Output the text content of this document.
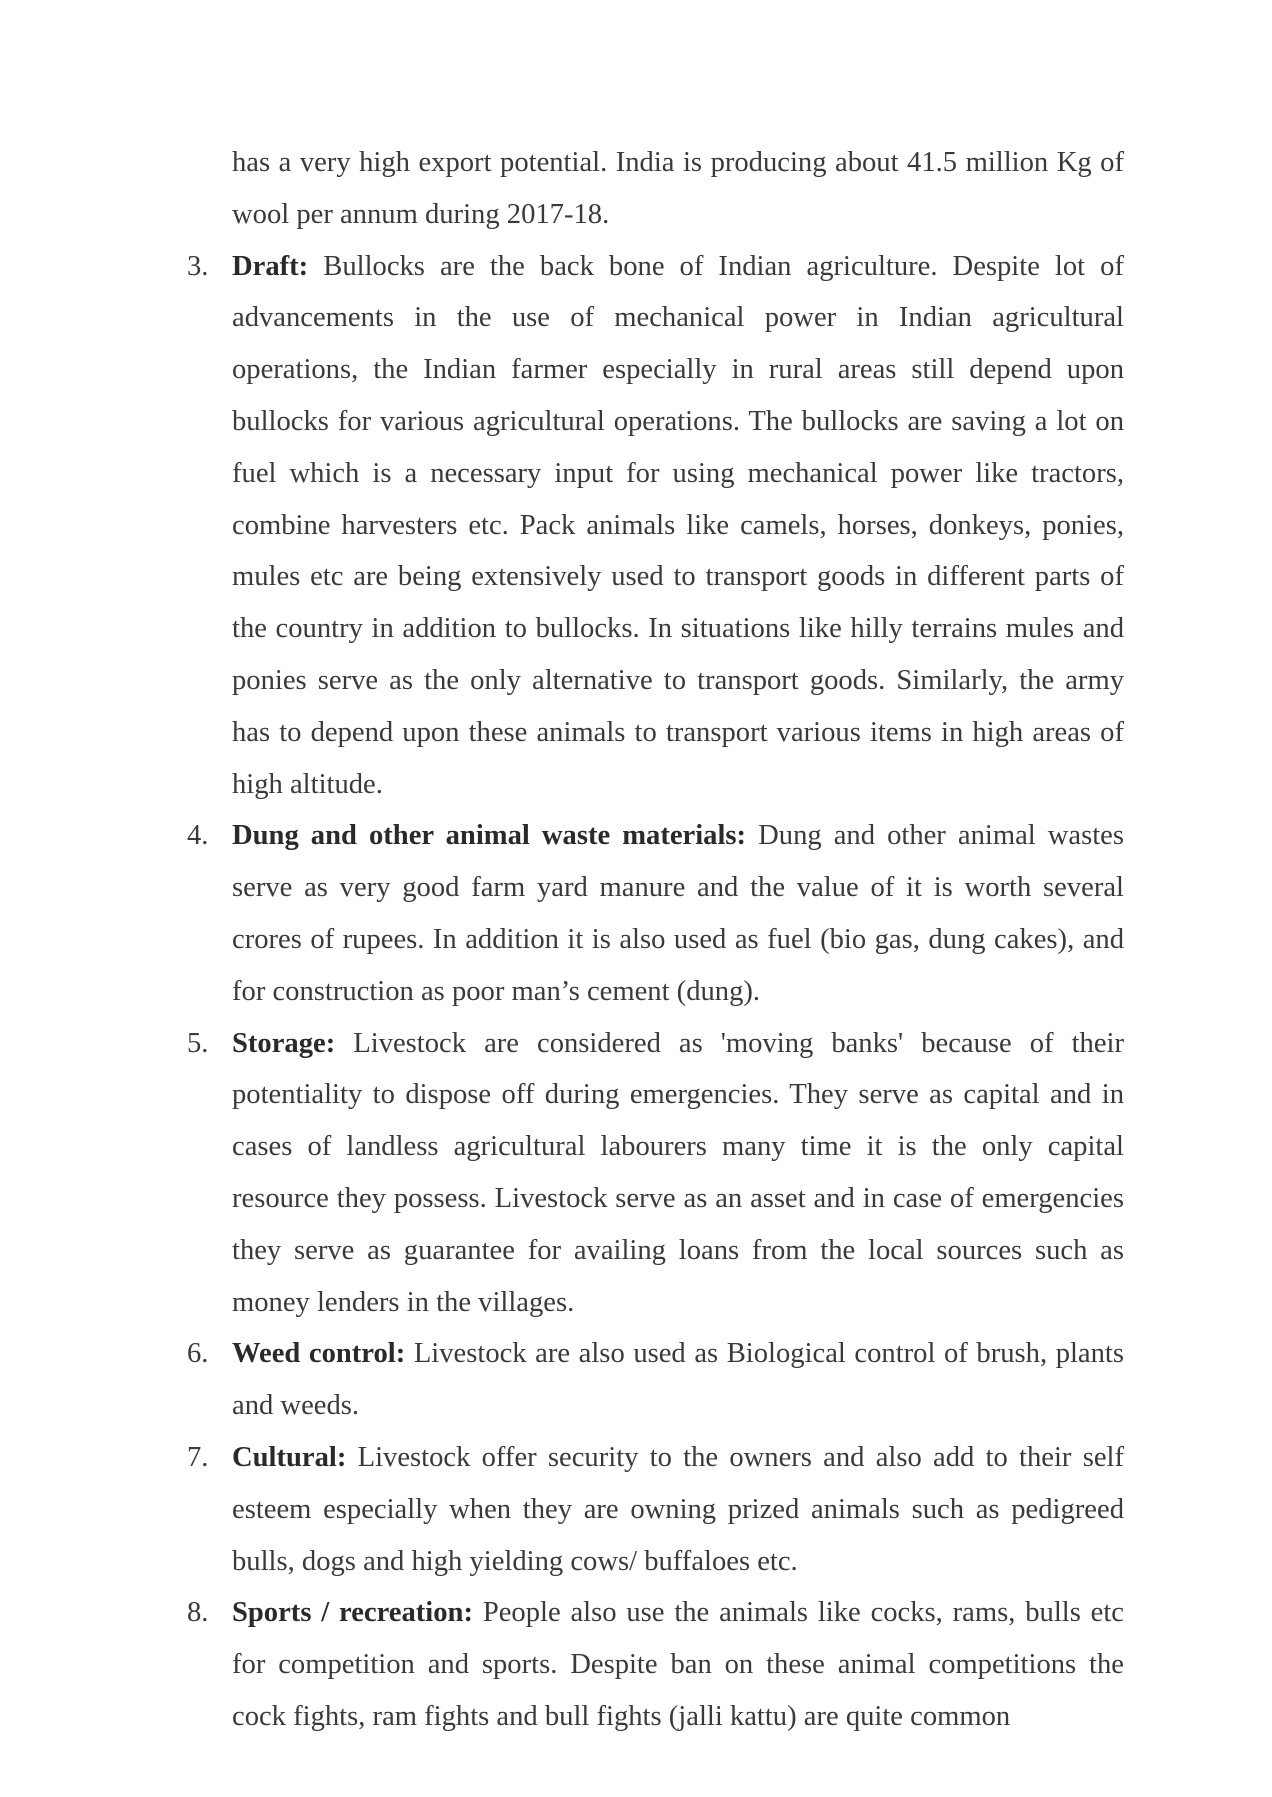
has a very high export potential. India is producing about 41.5 million Kg of wool per annum during 2017-18.

3. Draft: Bullocks are the back bone of Indian agriculture. Despite lot of advancements in the use of mechanical power in Indian agricultural operations, the Indian farmer especially in rural areas still depend upon bullocks for various agricultural operations. The bullocks are saving a lot on fuel which is a necessary input for using mechanical power like tractors, combine harvesters etc. Pack animals like camels, horses, donkeys, ponies, mules etc are being extensively used to transport goods in different parts of the country in addition to bullocks. In situations like hilly terrains mules and ponies serve as the only alternative to transport goods. Similarly, the army has to depend upon these animals to transport various items in high areas of high altitude.
4. Dung and other animal waste materials: Dung and other animal wastes serve as very good farm yard manure and the value of it is worth several crores of rupees. In addition it is also used as fuel (bio gas, dung cakes), and for construction as poor man’s cement (dung).
5. Storage: Livestock are considered as 'moving banks' because of their potentiality to dispose off during emergencies. They serve as capital and in cases of landless agricultural labourers many time it is the only capital resource they possess. Livestock serve as an asset and in case of emergencies they serve as guarantee for availing loans from the local sources such as money lenders in the villages.
6. Weed control: Livestock are also used as Biological control of brush, plants and weeds.
7. Cultural: Livestock offer security to the owners and also add to their self esteem especially when they are owning prized animals such as pedigreed bulls, dogs and high yielding cows/ buffaloes etc.
8. Sports / recreation: People also use the animals like cocks, rams, bulls etc for competition and sports. Despite ban on these animal competitions the cock fights, ram fights and bull fights (jalli kattu) are quite common
